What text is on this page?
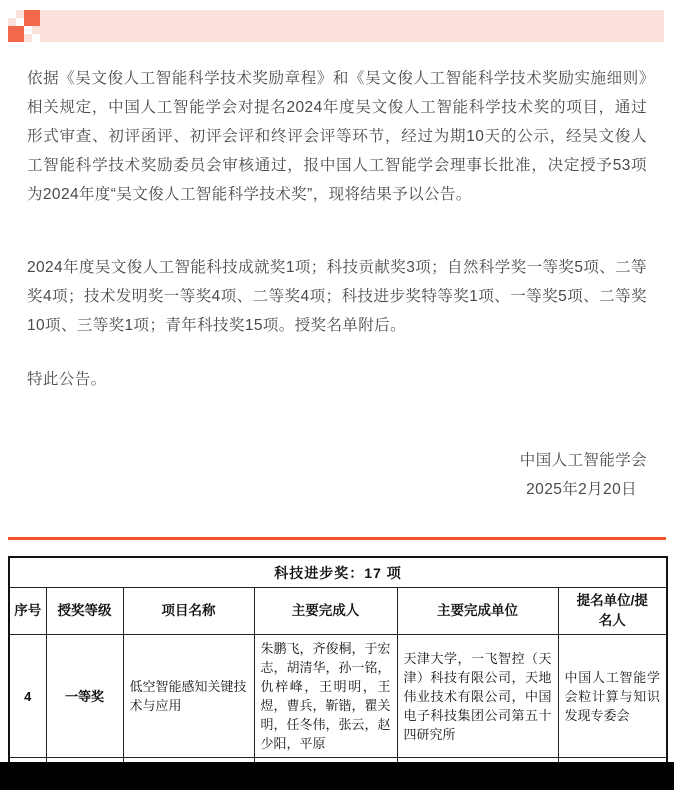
依据《吴文俊人工智能科学技术奖励章程》和《吴文俊人工智能科学技术奖励实施细则》相关规定，中国人工智能学会对提名2024年度吴文俊人工智能科学技术奖的项目，通过形式审查、初评函评、初评会评和终评会评等环节，经过为期10天的公示，经吴文俊人工智能科学技术奖励委员会审核通过，报中国人工智能学会理事长批准，决定授予53项为2024年度“吴文俊人工智能科学技术奖”，现将结果予以公告。

2024年度吴文俊人工智能科技成就奖1项；科技贡献奖3项；自然科学奖一等奖5项、二等奖4项；技术发明奖一等奖4项、二等奖4项；科技进步奖特等奖1项、一等奖5项、二等奖10项、三等奖1项；青年科技奖15项。授奖名单附后。

特此公告。

中国人工智能学会
2025年2月20日
科技进步奖：17 项					
序号	授奖等级	项目名称	主要完成人	主要完成单位	提名单位/提名人
4	一等奖	低空智能感知关键技术与应用	朱鹏飞，齐俊桐，于宏志，胡清华，孙一铭，仇梓峰，王明明，王煜，曹兵，靳锴，瞿关明，任冬伟，张云，赵少阳，平原	天津大学，一飞智控（天津）科技有限公司，天地伟业技术有限公司，中国电子科技集团公司第五十四研究所	中国人工智能学会粒计算与知识发现专委会
